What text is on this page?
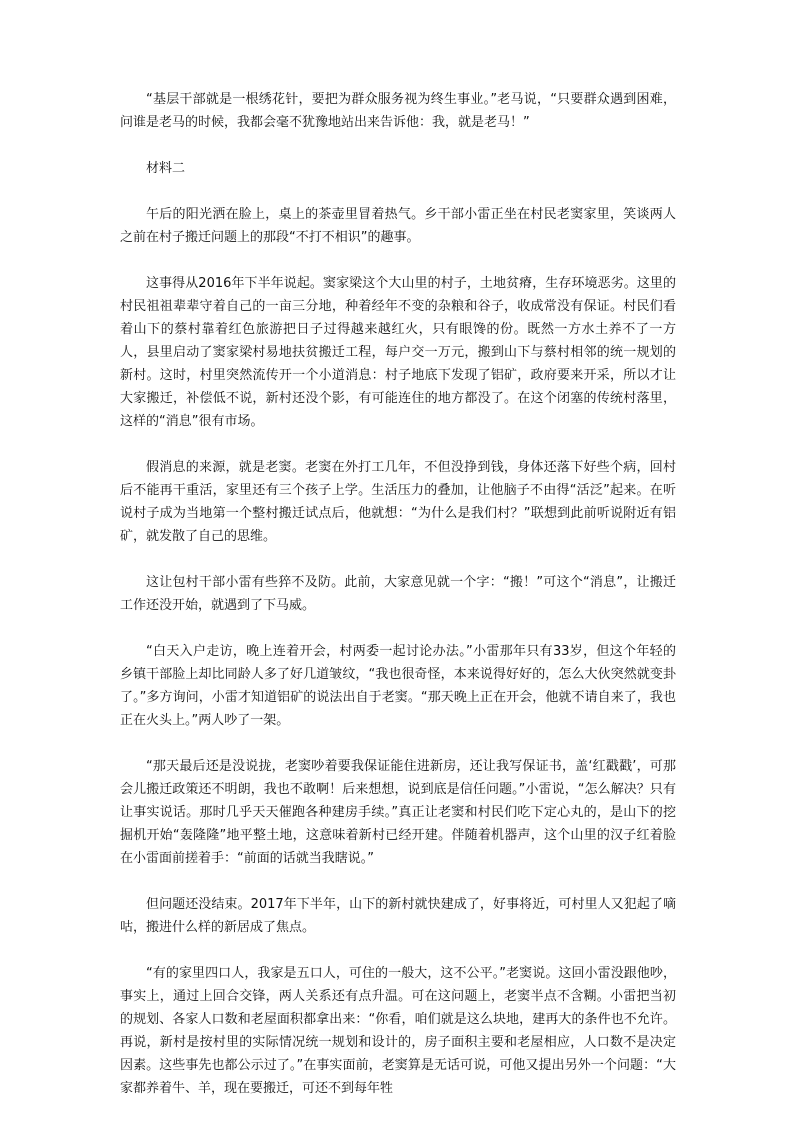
“基层干部就是一根绣花针，要把为群众服务视为终生事业。”老马说，“只要群众遇到困难，问谁是老马的时候，我都会毫不犹豫地站出来告诉他：我，就是老马！”

材料二

午后的阳光洒在脸上，桌上的茶壶里冒着热气。乡干部小雷正坐在村民老窦家里，笑谈两人之前在村子搬迁问题上的那段“不打不相识”的趣事。

这事得从2016年下半年说起。窦家梁这个大山里的村子，土地贫瘠，生存环境恶劣。这里的村民祖祖辈辈守着自己的一亩三分地，种着经年不变的杂粮和谷子，收成常没有保证。村民们看着山下的蔡村靠着红色旅游把日子过得越来越红火，只有眼馋的份。既然一方水土养不了一方人，县里启动了窦家梁村易地扶贫搬迁工程，每户交一万元，搬到山下与蔡村相邻的统一规划的新村。这时，村里突然流传开一个小道消息：村子地底下发现了铝矿，政府要来开采，所以才让大家搬迁，补偿低不说，新村还没个影，有可能连住的地方都没了。在这个闭塞的传统村落里，这样的“消息”很有市场。

假消息的来源，就是老窦。老窦在外打工几年，不但没挣到钱，身体还落下好些个病，回村后不能再干重活，家里还有三个孩子上学。生活压力的叠加，让他脑子不由得“活泛”起来。在听说村子成为当地第一个整村搬迁试点后，他就想：“为什么是我们村？”联想到此前听说附近有铝矿，就发散了自己的思维。

这让包村干部小雷有些猝不及防。此前，大家意见就一个字：“搬！”可这个“消息”，让搬迁工作还没开始，就遇到了下马威。

“白天入户走访，晚上连着开会，村两委一起讨论办法。”小雷那年只有33岁，但这个年轻的乡镇干部脸上却比同龄人多了好几道皱纹，“我也很奇怪，本来说得好好的，怎么大伙突然就变卦了。”多方询问，小雷才知道铝矿的说法出自于老窦。“那天晚上正在开会，他就不请自来了，我也正在火头上。”两人吵了一架。

“那天最后还是没说拢，老窦吵着要我保证能住进新房，还让我写保证书，盖‘红戳戳’，可那会儿搬迁政策还不明朗，我也不敢啊！后来想想，说到底是信任问题。”小雷说，“怎么解决？只有让事实说话。那时几乎天天催跑各种建房手续。”真正让老窦和村民们吃下定心丸的，是山下的挖掘机开始“轰隆隆”地平整土地，这意味着新村已经开建。伴随着机器声，这个山里的汉子红着脸在小雷面前搓着手：“前面的话就当我瞎说。”

但问题还没结束。2017年下半年，山下的新村就快建成了，好事将近，可村里人又犯起了嘀咕，搬进什么样的新居成了焦点。

“有的家里四口人，我家是五口人，可住的一般大，这不公平。”老窦说。这回小雷没跟他吵，事实上，通过上回合交锋，两人关系还有点升温。可在这问题上，老窦半点不含糊。小雷把当初的规划、各家人口数和老屋面积都拿出来：“你看，咱们就是这么块地，建再大的条件也不允许。再说，新村是按村里的实际情况统一规划和设计的，房子面积主要和老屋相应，人口数不是决定因素。这些事先也都公示过了。”在事实面前，老窦算是无话可说，可他又提出另外一个问题：“大家都养着牛、羊，现在要搬迁，可还不到每年牲
